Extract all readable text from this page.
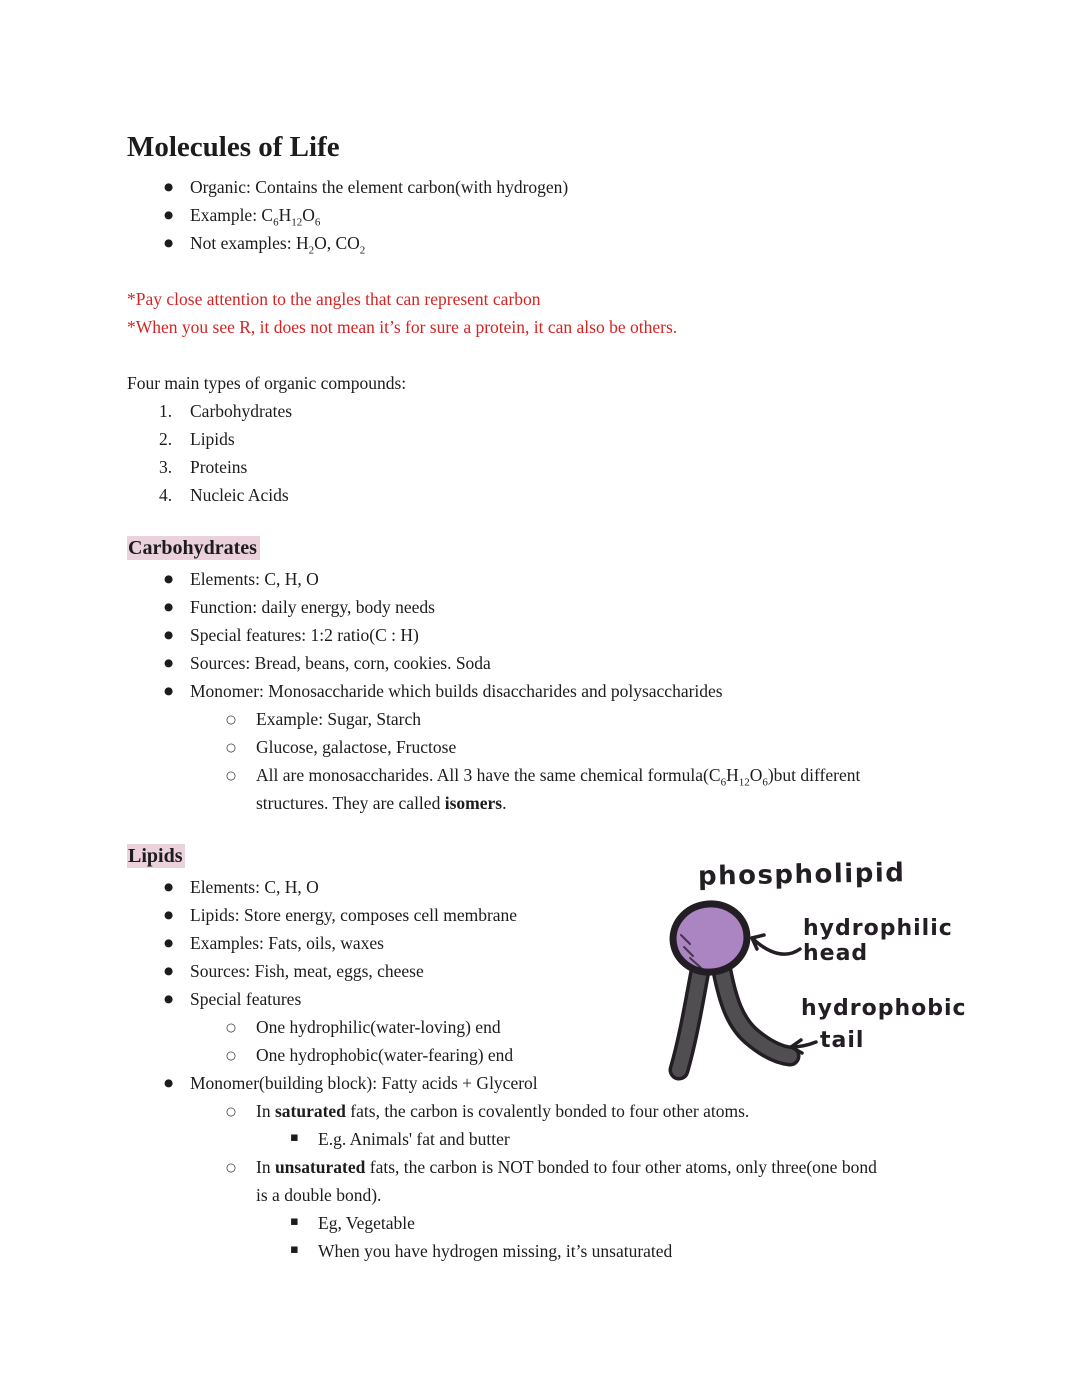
Molecules of Life
● Organic: Contains the element carbon(with hydrogen)
● Example: $C_6H_{12}O_6$
● Not examples: $H_2O$, $CO_2$

*Pay close attention to the angles that can represent carbon

*When you see R, it does not mean it’s for sure a protein, it can also be others.

Four main types of organic compounds:

Carbohydrates
Lipids
Proteins
Nucleic Acids
Carbohydrates
● Elements: C, H, O
● Function: daily energy, body needs
● Special features: 1:2 ratio(C : H)
● Sources: Bread, beans, corn, cookies. Soda
● Monomer: Monosaccharide which builds disaccharides and polysaccharides
○ Example: Sugar, Starch
○ Glucose, galactose, Fructose
○ All are monosaccharides. All 3 have the same chemical $formula(C_6H_{12}O_6)but$ different structures. They are called isomers.
Lipids
● Elements: C, H, O
● Lipids: Store energy, composes cell membrane
● Examples: Fats, oils, waxes
● Sources: Fish, meat, eggs, cheese
● Special features
○ One hydrophilic(water-loving) end
○ One hydrophobic(water-fearing) end
● Monomer(building block): Fatty acids + Glycerol
○ In saturated fats, the carbon is covalently bonded to four other atoms.
▪ E.g. Animals' fat and butter
○ In unsaturated fats, the carbon is NOT bonded to four other atoms, only three(one bond is a double bond).
▪ Eg, Vegetable
▪ When you have hydrogen missing, it’s unsaturated
phospholipid
hydrophilic
head
hydrophobic
tail
